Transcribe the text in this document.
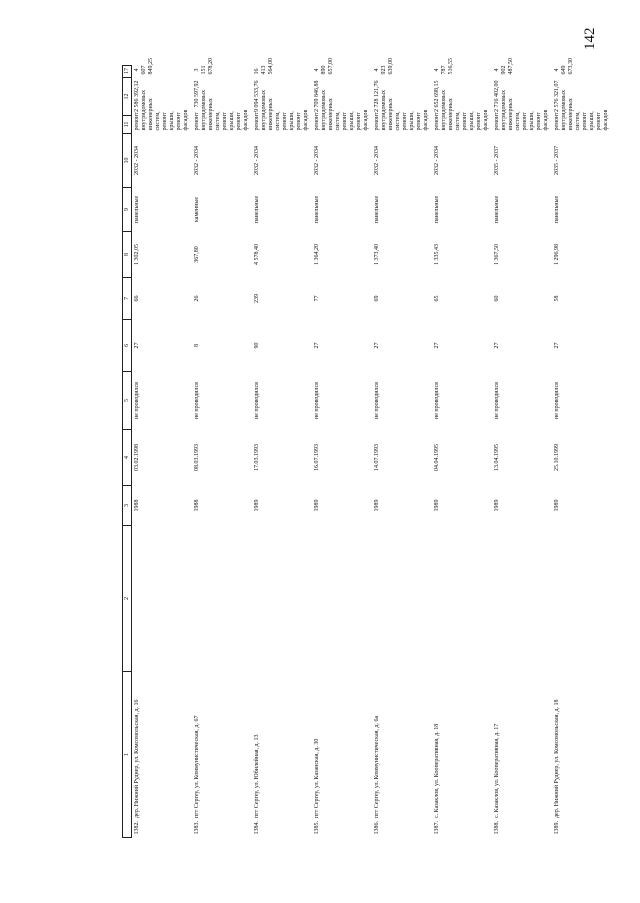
142
1	2	3	4	5	6	7	8	9	10	11	12	17
1382.  дер. Нижний Руднер, ул. Комсомольская, д. 16		1988	03.02.1998	не проводился	27	66	1 302,05	панельные	2032 - 2034	ремонт внутридомовых инженерных систем, ремонт крыши, ремонт фасадов	2 586 392,12	4 607 849,25
1383.  пгт Сергеу, ул. Коммунистическая, д. 67		1988	08.03.1993	не проводился	8	26	367,80	каменные	2032 - 2034	ремонт внутридомовых инженерных систем, ремонт крыши, ремонт фасадов	730 597,92	3 151 678,20
1384.  пгт Сергеу, ул. Юбилейная, д. 13		1989	17.03.1993	не проводился	90	239	4 578,40	панельные	2032 - 2034	ремонт внутридомовых инженерных систем, ремонт крыши, ремонт фасадов	9 094 533,76	16 413 564,00
1385.  пгт Сергеу, ул. Казанская, д. 30		1989	16.07.1993	не проводился	27	77	1 364,20	панельные	2032 - 2034	ремонт внутридомовых инженерных систем, ремонт крыши, ремонт фасадов	2 709 846,88	4 890 657,00
1386.  пгт Сергеу, ул. Коммунистическая, д. 6а		1989	14.07.1993	не проводился	27	69	1 373,40	панельные	2032 - 2034	ремонт внутридомовых инженерных систем, ремонт крыши, ремонт фасадов	2 728 121,76	4 923 639,00
1387.  с. Казаклов, ул. Кооперативная, д. 18		1989	04.04.1995	не проводился	27	65	1 335,43	панельные	2032 - 2034	ремонт внутридомовых инженерных систем, ремонт крыши, ремонт фасадов	2 652 698,15	4 787 516,55
1388.  с. Казаклов, ул. Кооперативная, д. 17		1989	13.04.1995	не проводился	27	60	1 367,50	панельные	2035 - 2037	ремонт внутридомовых инженерных систем, ремонт крыши, ремонт фасадов	2 716 402,00	4 902 487,50
1389.  дер. Нижний Руднер, ул. Комсомольская, д. 18		1989	25.10.1999	не проводился	27	58	1 296,98	панельные	2035 - 2037	ремонт внутридомовых инженерных систем, ремонт крыши, ремонт фасадов	2 576 321,07	4 649 673,30
